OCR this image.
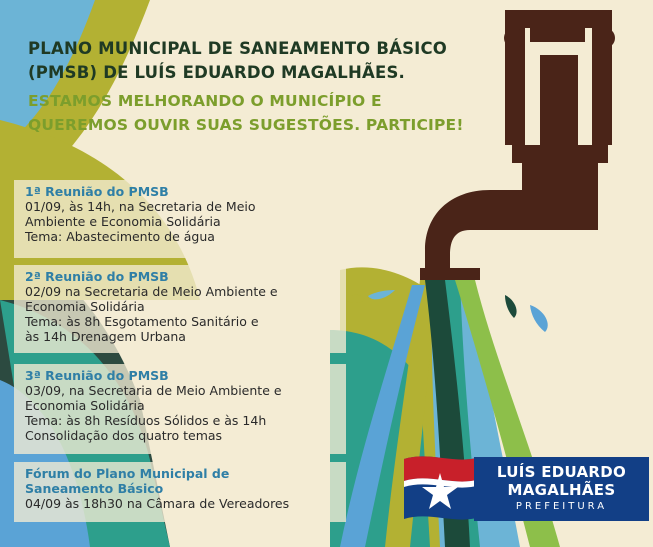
PLANO MUNICIPAL DE SANEAMENTO BÁSICO
(PMSB) DE LUÍS EDUARDO MAGALHÃES.
ESTAMOS MELHORANDO O MUNICÍPIO E
QUEREMOS OUVIR SUAS SUGESTÕES. PARTICIPE!
1ª Reunião do PMSB
01/09, às 14h, na Secretaria de Meio
Ambiente e Economia Solidária
Tema: Abastecimento de água
2ª Reunião do PMSB
02/09 na Secretaria de Meio Ambiente e
Economia Solidária
Tema: às 8h Esgotamento Sanitário e
às 14h Drenagem Urbana
3ª Reunião do PMSB
03/09, na Secretaria de Meio Ambiente e
Economia Solidária
Tema: às 8h Resíduos Sólidos e às 14h
Consolidação dos quatro temas
Fórum do Plano Municipal de
Saneamento Básico
04/09 às 18h30 na Câmara de Vereadores
LUÍS EDUARDO
MAGALHÃES
PREFEITURA
